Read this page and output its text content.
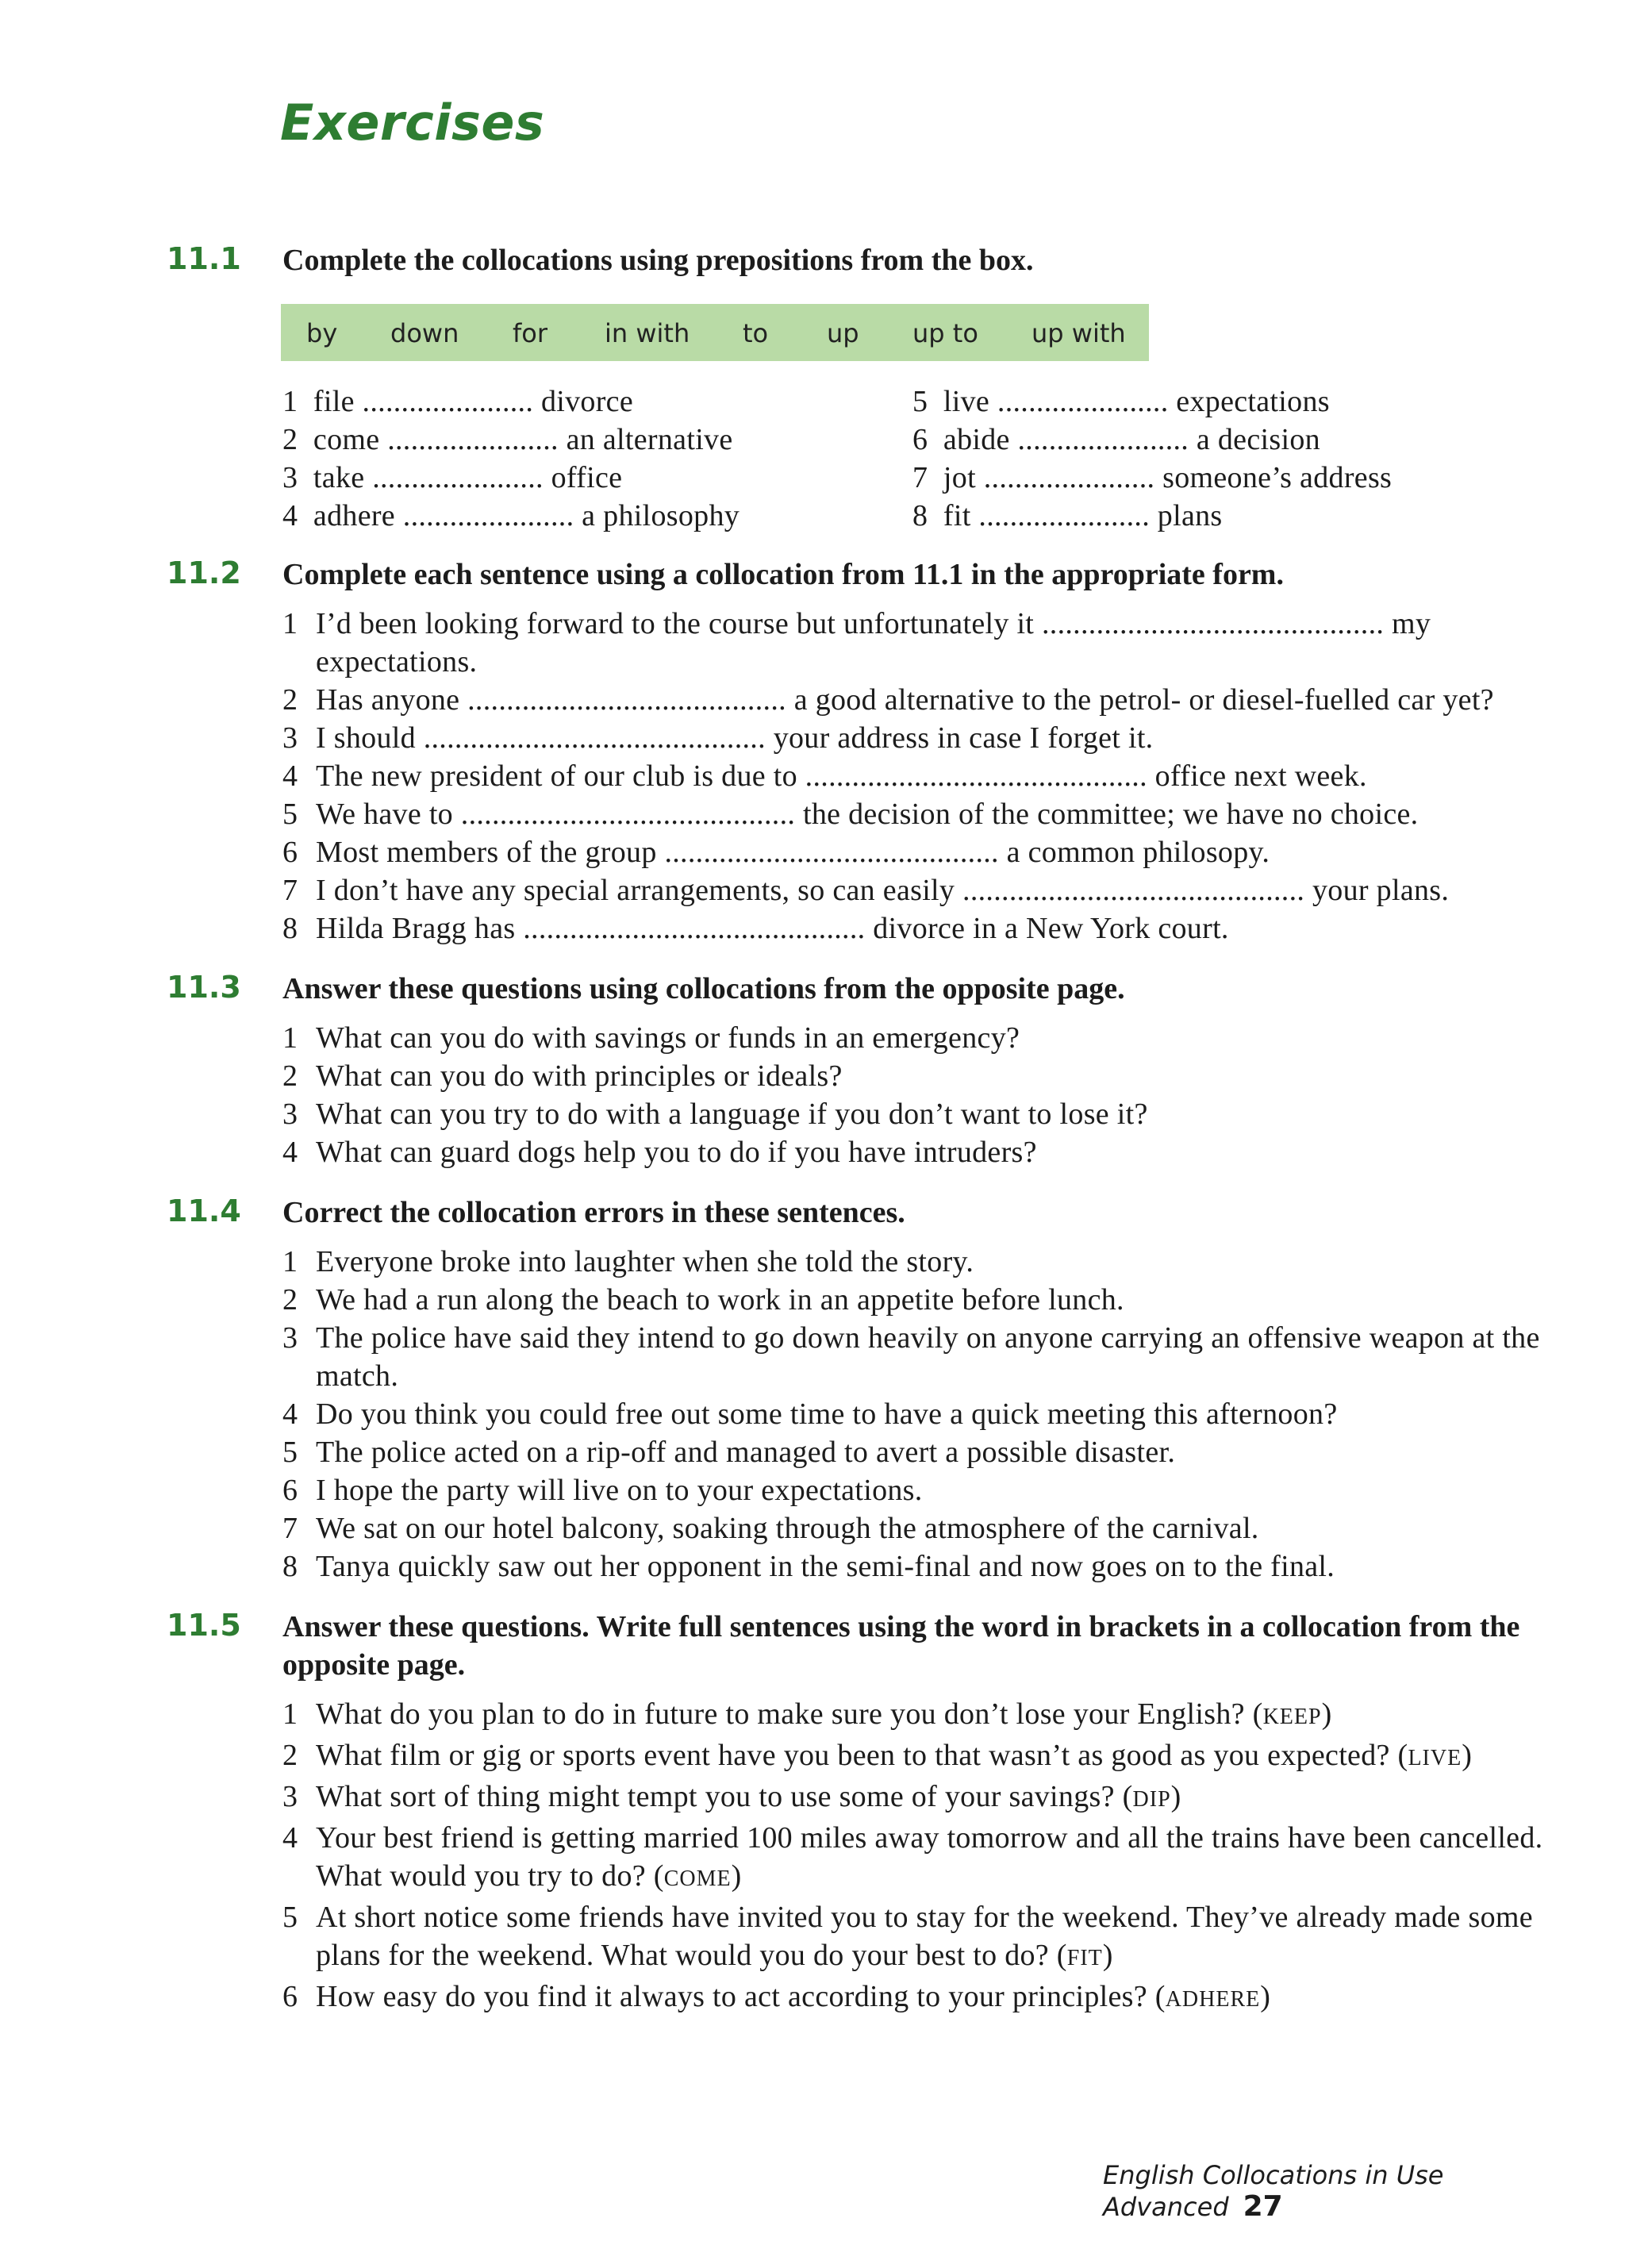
Exercises
11.1 Complete the collocations using prepositions from the box.
by down for in with to up up to up with
1 file ...................... divorce
2 come ...................... an alternative
3 take ...................... office
4 adhere ...................... a philosophy
5 live ...................... expectations
6 abide ...................... a decision
7 jot ...................... someone’s address
8 fit ...................... plans
11.2 Complete each sentence using a collocation from 11.1 in the appropriate form.
1 I’d been looking forward to the course but unfortunately it ............................................ my expectations.
2 Has anyone ......................................... a good alternative to the petrol- or diesel-fuelled car yet?
3 I should ............................................ your address in case I forget it.
4 The new president of our club is due to ............................................ office next week.
5 We have to ........................................... the decision of the committee; we have no choice.
6 Most members of the group ........................................... a common philosopy.
7 I don’t have any special arrangements, so can easily ............................................ your plans.
8 Hilda Bragg has ............................................ divorce in a New York court.
11.3 Answer these questions using collocations from the opposite page.
1 What can you do with savings or funds in an emergency?
2 What can you do with principles or ideals?
3 What can you try to do with a language if you don’t want to lose it?
4 What can guard dogs help you to do if you have intruders?
11.4 Correct the collocation errors in these sentences.
1 Everyone broke into laughter when she told the story.
2 We had a run along the beach to work in an appetite before lunch.
3 The police have said they intend to go down heavily on anyone carrying an offensive weapon at the match.
4 Do you think you could free out some time to have a quick meeting this afternoon?
5 The police acted on a rip-off and managed to avert a possible disaster.
6 I hope the party will live on to your expectations.
7 We sat on our hotel balcony, soaking through the atmosphere of the carnival.
8 Tanya quickly saw out her opponent in the semi-final and now goes on to the final.
11.5 Answer these questions. Write full sentences using the word in brackets in a collocation from the opposite page.
1 What do you plan to do in future to make sure you don’t lose your English? (KEEP)
2 What film or gig or sports event have you been to that wasn’t as good as you expected? (LIVE)
3 What sort of thing might tempt you to use some of your savings? (DIP)
4 Your best friend is getting married 100 miles away tomorrow and all the trains have been cancelled. What would you try to do? (COME)
5 At short notice some friends have invited you to stay for the weekend. They’ve already made some plans for the weekend. What would you do your best to do? (FIT)
6 How easy do you find it always to act according to your principles? (ADHERE)
English Collocations in Use Advanced 27
